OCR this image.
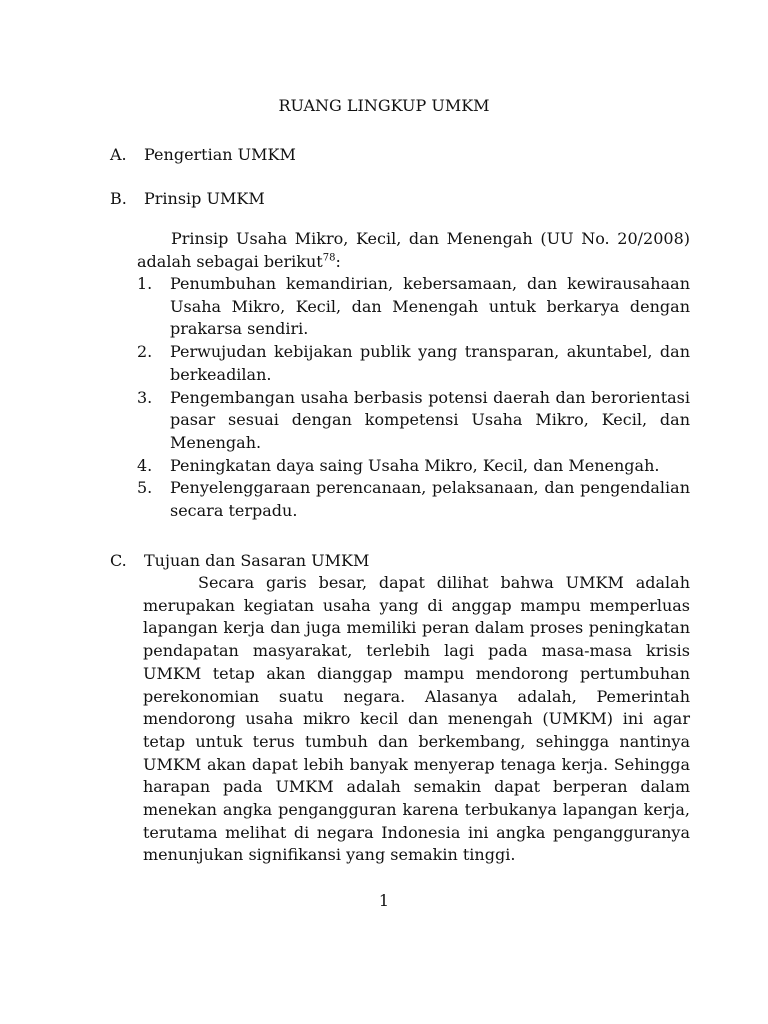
RUANG LINGKUP UMKM
A. Pengertian UMKM
B. Prinsip UMKM
Prinsip Usaha Mikro, Kecil, dan Menengah (UU No. 20/2008) adalah sebagai berikut$^{78}$:
1. Penumbuhan kemandirian, kebersamaan, dan kewirausahaan Usaha Mikro, Kecil, dan Menengah untuk berkarya dengan prakarsa sendiri.
2. Perwujudan kebijakan publik yang transparan, akuntabel, dan berkeadilan.
3. Pengembangan usaha berbasis potensi daerah dan berorientasi pasar sesuai dengan kompetensi Usaha Mikro, Kecil, dan Menengah.
4. Peningkatan daya saing Usaha Mikro, Kecil, dan Menengah.
5. Penyelenggaraan perencanaan, pelaksanaan, dan pengendalian secara terpadu.
C. Tujuan dan Sasaran UMKM
Secara garis besar, dapat dilihat bahwa UMKM adalah merupakan kegiatan usaha yang di anggap mampu memperluas lapangan kerja dan juga memiliki peran dalam proses peningkatan pendapatan masyarakat, terlebih lagi pada masa-masa krisis UMKM tetap akan dianggap mampu mendorong pertumbuhan perekonomian suatu negara. Alasanya adalah, Pemerintah mendorong usaha mikro kecil dan menengah (UMKM) ini agar tetap untuk terus tumbuh dan berkembang, sehingga nantinya UMKM akan dapat lebih banyak menyerap tenaga kerja. Sehingga harapan pada UMKM adalah semakin dapat berperan dalam menekan angka pengangguran karena terbukanya lapangan kerja, terutama melihat di negara Indonesia ini angka pengangguranya menunjukan signifikansi yang semakin tinggi.
1
